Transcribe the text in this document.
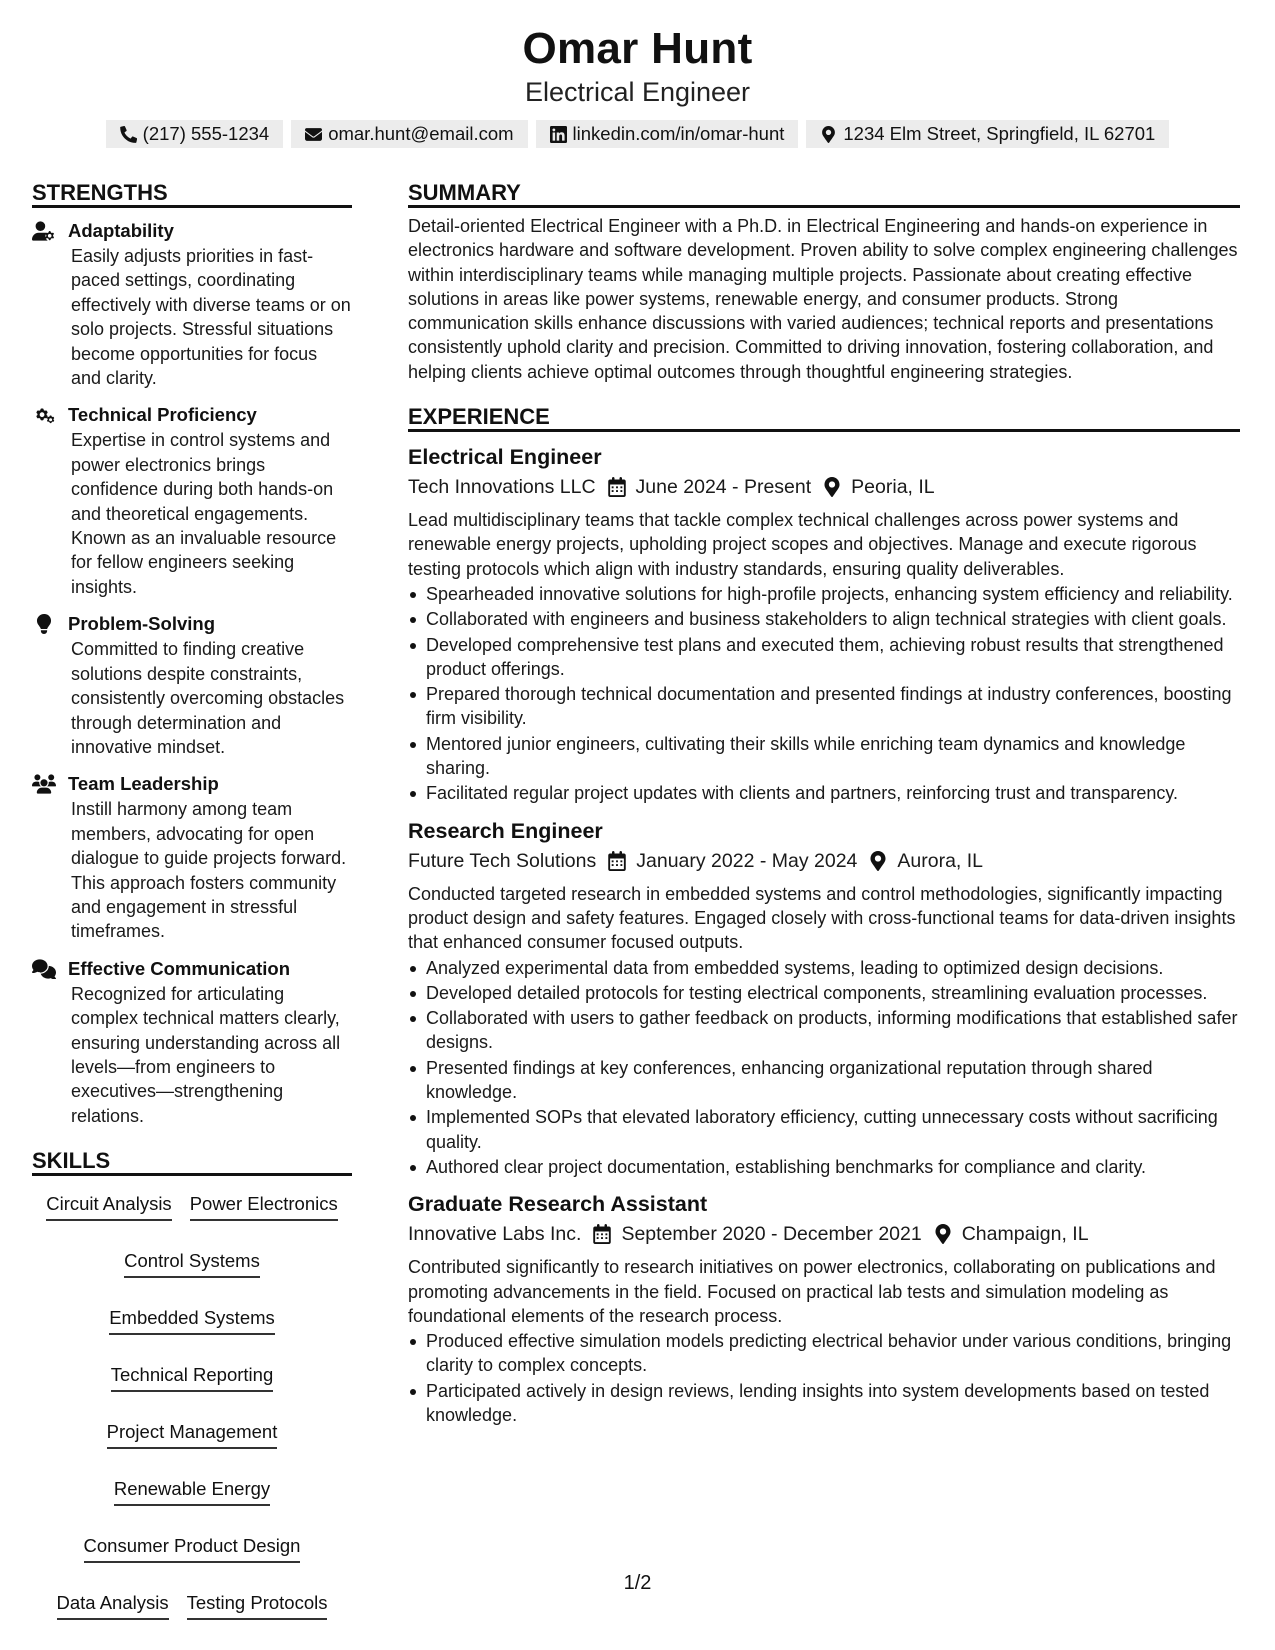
Omar Hunt
Electrical Engineer
(217) 555-1234	omar.hunt@email.com	linkedin.com/in/omar-hunt	1234 Elm Street, Springfield, IL 62701
STRENGTHS
Adaptability
Easily adjusts priorities in fast-paced settings, coordinating effectively with diverse teams or on solo projects. Stressful situations become opportunities for focus and clarity.
Technical Proficiency
Expertise in control systems and power electronics brings confidence during both hands-on and theoretical engagements. Known as an invaluable resource for fellow engineers seeking insights.
Problem-Solving
Committed to finding creative solutions despite constraints, consistently overcoming obstacles through determination and innovative mindset.
Team Leadership
Instill harmony among team members, advocating for open dialogue to guide projects forward. This approach fosters community and engagement in stressful timeframes.
Effective Communication
Recognized for articulating complex technical matters clearly, ensuring understanding across all levels—from engineers to executives—strengthening relations.
SKILLS
Circuit Analysis Power Electronics
Control Systems
Embedded Systems
Technical Reporting
Project Management
Renewable Energy
Consumer Product Design
Data Analysis Testing Protocols
SUMMARY
Detail-oriented Electrical Engineer with a Ph.D. in Electrical Engineering and hands-on experience in electronics hardware and software development. Proven ability to solve complex engineering challenges within interdisciplinary teams while managing multiple projects. Passionate about creating effective solutions in areas like power systems, renewable energy, and consumer products. Strong communication skills enhance discussions with varied audiences; technical reports and presentations consistently uphold clarity and precision. Committed to driving innovation, fostering collaboration, and helping clients achieve optimal outcomes through thoughtful engineering strategies.
EXPERIENCE
Electrical Engineer
Tech Innovations LLC June 2024 - Present Peoria, IL
Lead multidisciplinary teams that tackle complex technical challenges across power systems and renewable energy projects, upholding project scopes and objectives. Manage and execute rigorous testing protocols which align with industry standards, ensuring quality deliverables.
Spearheaded innovative solutions for high-profile projects, enhancing system efficiency and reliability.
Collaborated with engineers and business stakeholders to align technical strategies with client goals.
Developed comprehensive test plans and executed them, achieving robust results that strengthened product offerings.
Prepared thorough technical documentation and presented findings at industry conferences, boosting firm visibility.
Mentored junior engineers, cultivating their skills while enriching team dynamics and knowledge sharing.
Facilitated regular project updates with clients and partners, reinforcing trust and transparency.
Research Engineer
Future Tech Solutions January 2022 - May 2024 Aurora, IL
Conducted targeted research in embedded systems and control methodologies, significantly impacting product design and safety features. Engaged closely with cross-functional teams for data-driven insights that enhanced consumer focused outputs.
Analyzed experimental data from embedded systems, leading to optimized design decisions.
Developed detailed protocols for testing electrical components, streamlining evaluation processes.
Collaborated with users to gather feedback on products, informing modifications that established safer designs.
Presented findings at key conferences, enhancing organizational reputation through shared knowledge.
Implemented SOPs that elevated laboratory efficiency, cutting unnecessary costs without sacrificing quality.
Authored clear project documentation, establishing benchmarks for compliance and clarity.
Graduate Research Assistant
Innovative Labs Inc. September 2020 - December 2021 Champaign, IL
Contributed significantly to research initiatives on power electronics, collaborating on publications and promoting advancements in the field. Focused on practical lab tests and simulation modeling as foundational elements of the research process.
Produced effective simulation models predicting electrical behavior under various conditions, bringing clarity to complex concepts.
Participated actively in design reviews, lending insights into system developments based on tested knowledge.
1/2
